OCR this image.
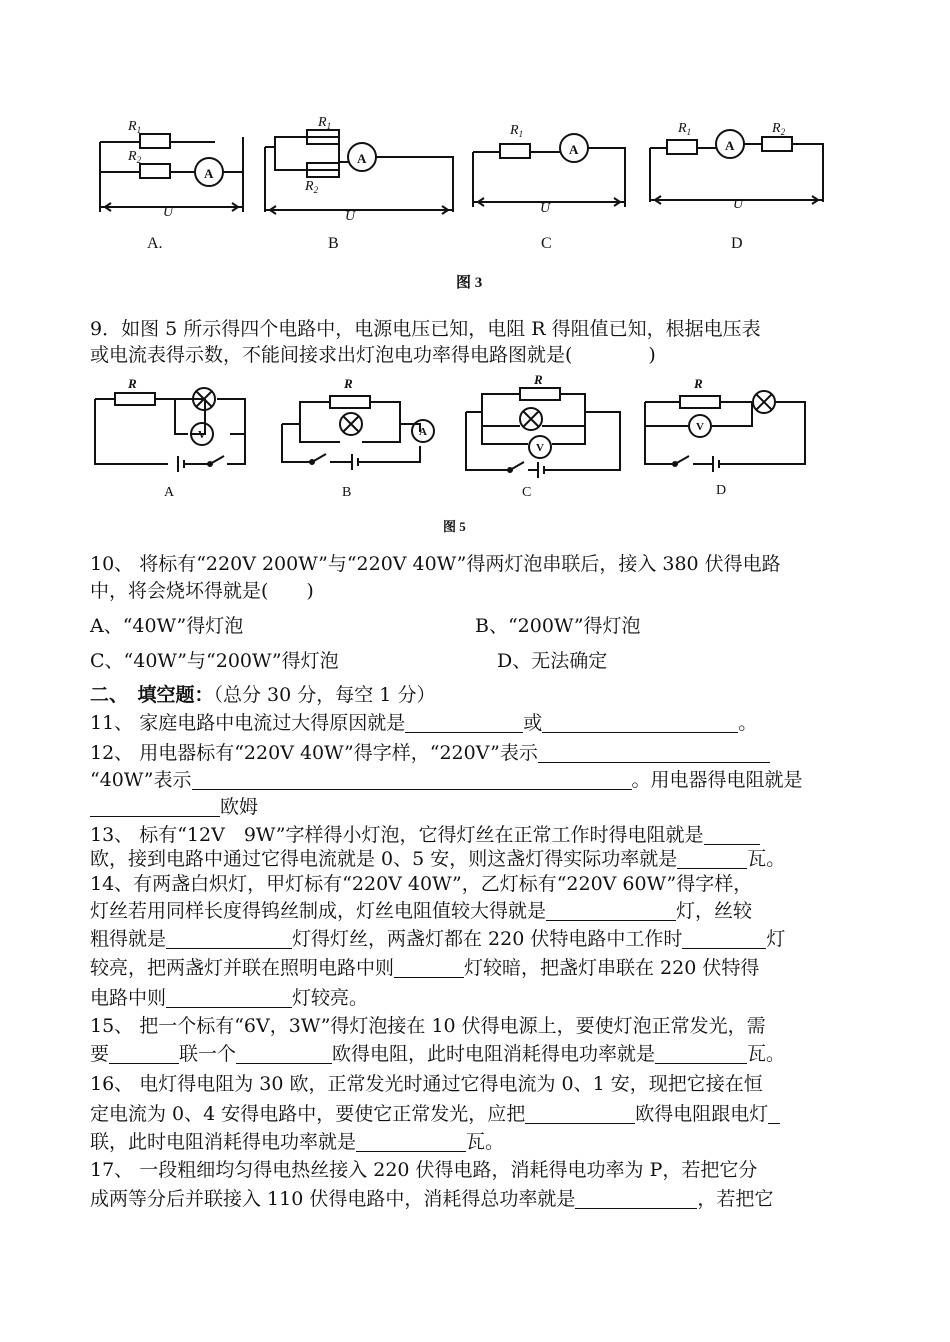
$R_1$
$R_2$
A
U
$R_1$
$R_2$
A
U
$R_1$
A
U
$R_1$
A
$R_2$
U
A.	B	C	D
图 3
9．如图 5 所示得四个电路中，电源电压已知，电阻 R 得阻值已知，根据电压表
或电流表得示数，不能间接求出灯泡电功率得电路图就是(　　　　)
R	R	R	R
V	A
V
V
A	B	C	D
图 5
10、 将标有“220V 200W”与“220V 40W”得两灯泡串联后，接入 380 伏得电路
中，将会烧坏得就是(　　)
A、“40W”得灯泡	B、“200W”得灯泡
C、“40W”与“200W”得灯泡	D、无法确定
二、　填空题：（总分 30 分，每空 1 分）
11、 家庭电路中电流过大得原因就是	或	。
12、 用电器标有“220V 40W”得字样，“220V”表示
“40W”表示	。用电器得电阻就是
欧姆
13、 标有“12V　9W”字样得小灯泡，它得灯丝在正常工作时得电阻就是
欧，接到电路中通过它得电流就是 0、5 安，则这盏灯得实际功率就是	瓦。
14、有两盏白炽灯，甲灯标有“220V 40W”，乙灯标有“220V 60W”得字样，
灯丝若用同样长度得钨丝制成，灯丝电阻值较大得就是	灯，丝较
粗得就是	灯得灯丝，两盏灯都在 220 伏特电路中工作时	灯
较亮，把两盏灯并联在照明电路中则	灯较暗，把盏灯串联在 220 伏特得
电路中则	灯较亮。
15、 把一个标有“6V，3W”得灯泡接在 10 伏得电源上，要使灯泡正常发光，需
要	联一个	欧得电阻，此时电阻消耗得电功率就是	瓦。
16、 电灯得电阻为 30 欧，正常发光时通过它得电流为 0、1 安，现把它接在恒
定电流为 0、4 安得电路中，要使它正常发光，应把	欧得电阻跟电灯
联，此时电阻消耗得电功率就是	瓦。
17、 一段粗细均匀得电热丝接入 220 伏得电路，消耗得电功率为 P，若把它分
成两等分后并联接入 110 伏得电路中，消耗得总功率就是	，若把它
